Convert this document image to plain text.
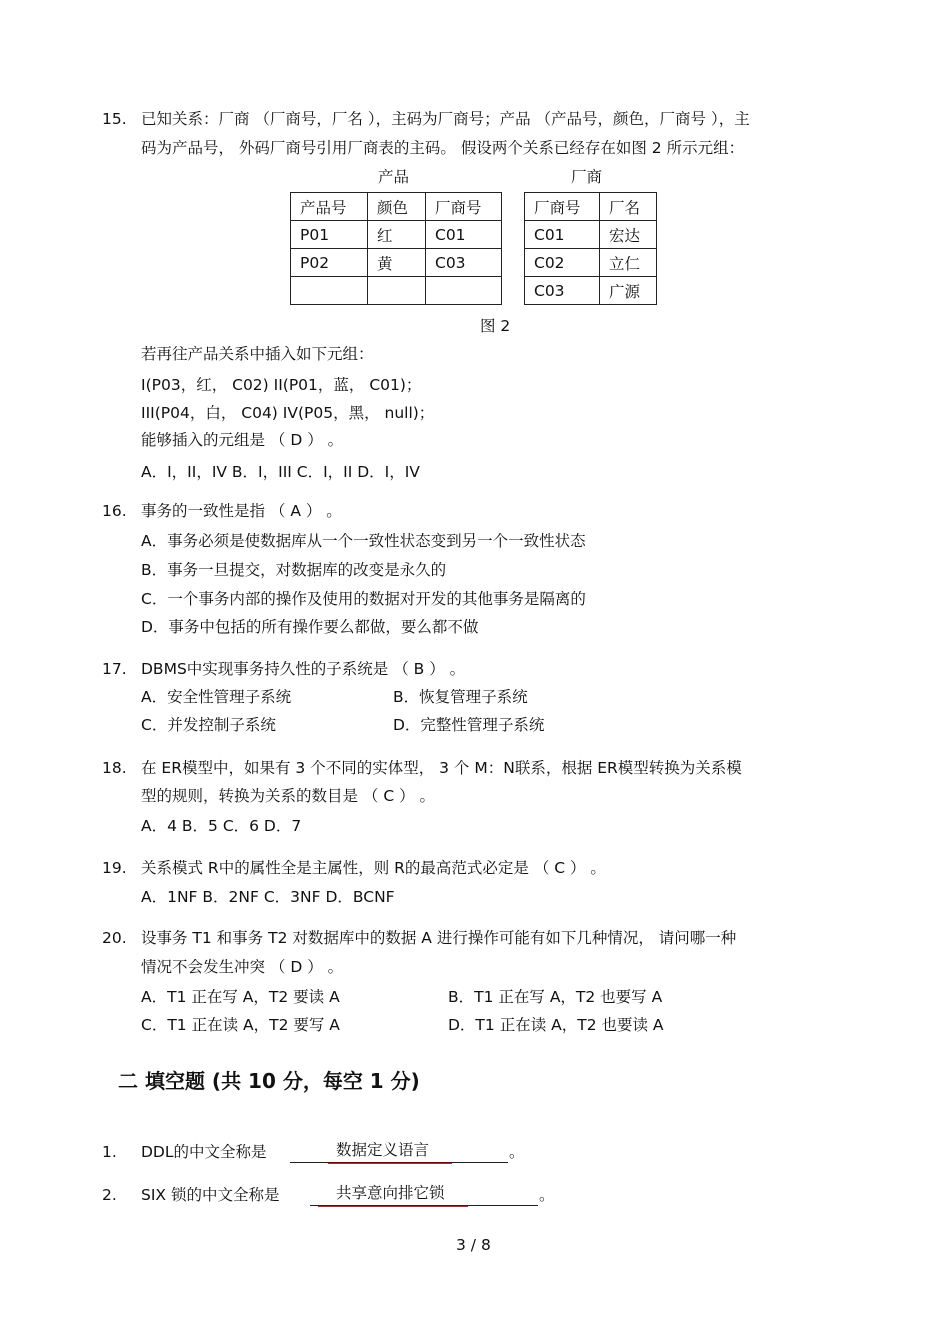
15. 已知关系：厂商 （厂商号，厂名 ），主码为厂商号；产品 （产品号，颜色，厂商号 ），主
码为产品号， 外码厂商号引用厂商表的主码。 假设两个关系已经存在如图 2 所示元组：
产品	厂商
产品号	颜色	厂商号
P01	红	C01
P02	黄	C03

厂商号	厂名
C01	宏达
C02	立仁
C03	广源
图 2
若再往产品关系中插入如下元组：
I(P03，红， C02) II(P01，蓝， C01)；
III(P04，白， C04) IV(P05，黑， null)；
能够插入的元组是 （ D ） 。
A．I，II，IV B．I，III C．I，II D．I，IV
16. 事务的一致性是指 （ A ） 。
A．事务必须是使数据库从一个一致性状态变到另一个一致性状态
B．事务一旦提交，对数据库的改变是永久的
C．一个事务内部的操作及使用的数据对开发的其他事务是隔离的
D．事务中包括的所有操作要么都做，要么都不做
17. DBMS中实现事务持久性的子系统是 （ B ） 。
A．安全性管理子系统	B．恢复管理子系统
C．并发控制子系统	D．完整性管理子系统
18. 在 ER模型中，如果有 3 个不同的实体型， 3 个 M：N联系，根据 ER模型转换为关系模
型的规则，转换为关系的数目是 （ C ） 。
A．4 B．5 C．6 D．7
19. 关系模式 R中的属性全是主属性，则 R的最高范式必定是 （ C ） 。
A．1NF B．2NF C．3NF D．BCNF
20. 设事务 T1 和事务 T2 对数据库中的数据 A 进行操作可能有如下几种情况， 请问哪一种
情况不会发生冲突 （ D ） 。
A．T1 正在写 A，T2 要读 A	B．T1 正在写 A，T2 也要写 A
C．T1 正在读 A，T2 要写 A	D．T1 正在读 A，T2 也要读 A
二 填空题 (共 10 分，每空 1 分)
1. DDL的中文全称是	数据定义语言	。
2. SIX 锁的中文全称是	共享意向排它锁	。
3 / 8
